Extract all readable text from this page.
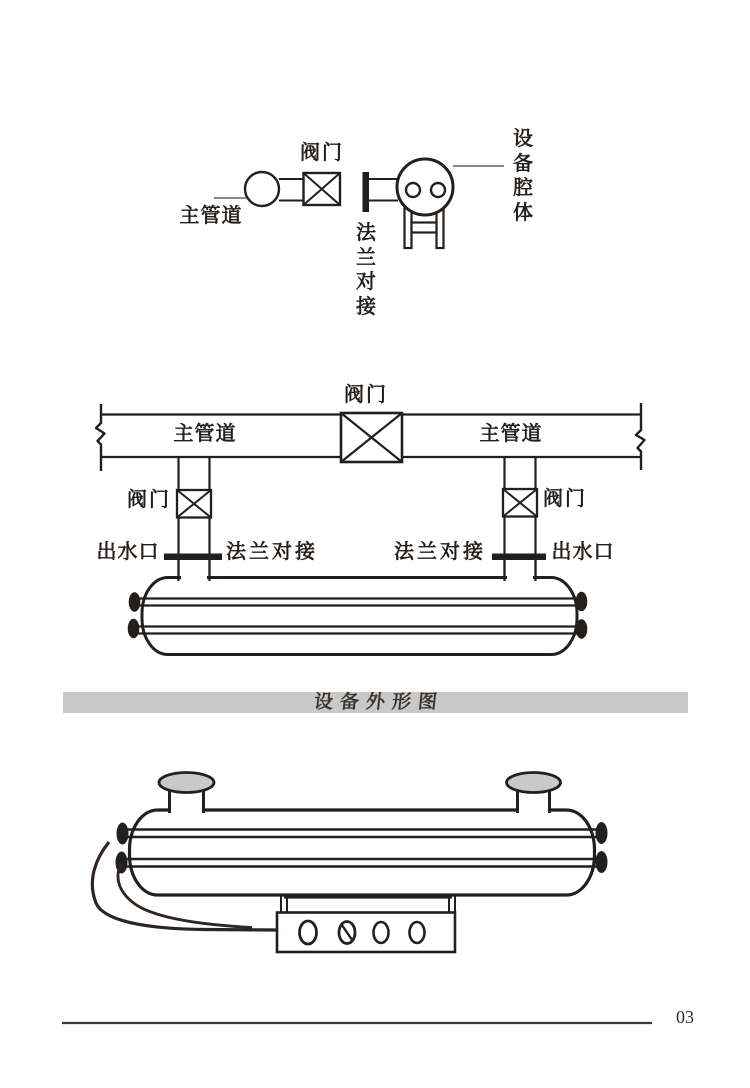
阀门
主管道
法兰对接
设备腔体
阀门
主管道	主管道
阀门	阀门
出水口	法兰对接	法兰对接	出水口
设备外形图
03
